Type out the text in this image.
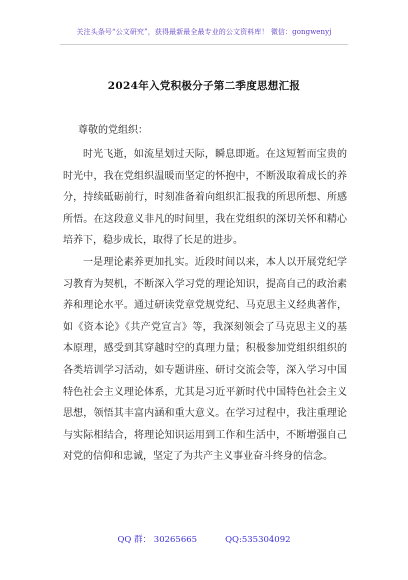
关注头条号“公文研究”，获得最新最全最专业的公文资料库！ 微信：gongwenyj
2024年入党积极分子第二季度思想汇报
尊敬的党组织：

时光飞逝，如流星划过天际，瞬息即逝。在这短暂而宝贵的时光中，我在党组织温暖而坚定的怀抱中，不断汲取着成长的养分，持续砥砺前行，时刻准备着向组织汇报我的所思所想、所感所悟。在这段意义非凡的时间里，我在党组织的深切关怀和精心培养下，稳步成长，取得了长足的进步。

一是理论素养更加扎实。近段时间以来，本人以开展党纪学习教育为契机，不断深入学习党的理论知识，提高自己的政治素养和理论水平。通过研读党章党规党纪、马克思主义经典著作，如《资本论》《共产党宣言》等，我深刻领会了马克思主义的基本原理，感受到其穿越时空的真理力量；积极参加党组织组织的各类培训学习活动，如专题讲座、研讨交流会等，深入学习中国特色社会主义理论体系，尤其是习近平新时代中国特色社会主义思想，领悟其丰富内涵和重大意义。在学习过程中，我注重理论与实际相结合，将理论知识运用到工作和生活中，不断增强自己对党的信仰和忠诚，坚定了为共产主义事业奋斗终身的信念。

QQ 群： 30265665	QQ:535304092
